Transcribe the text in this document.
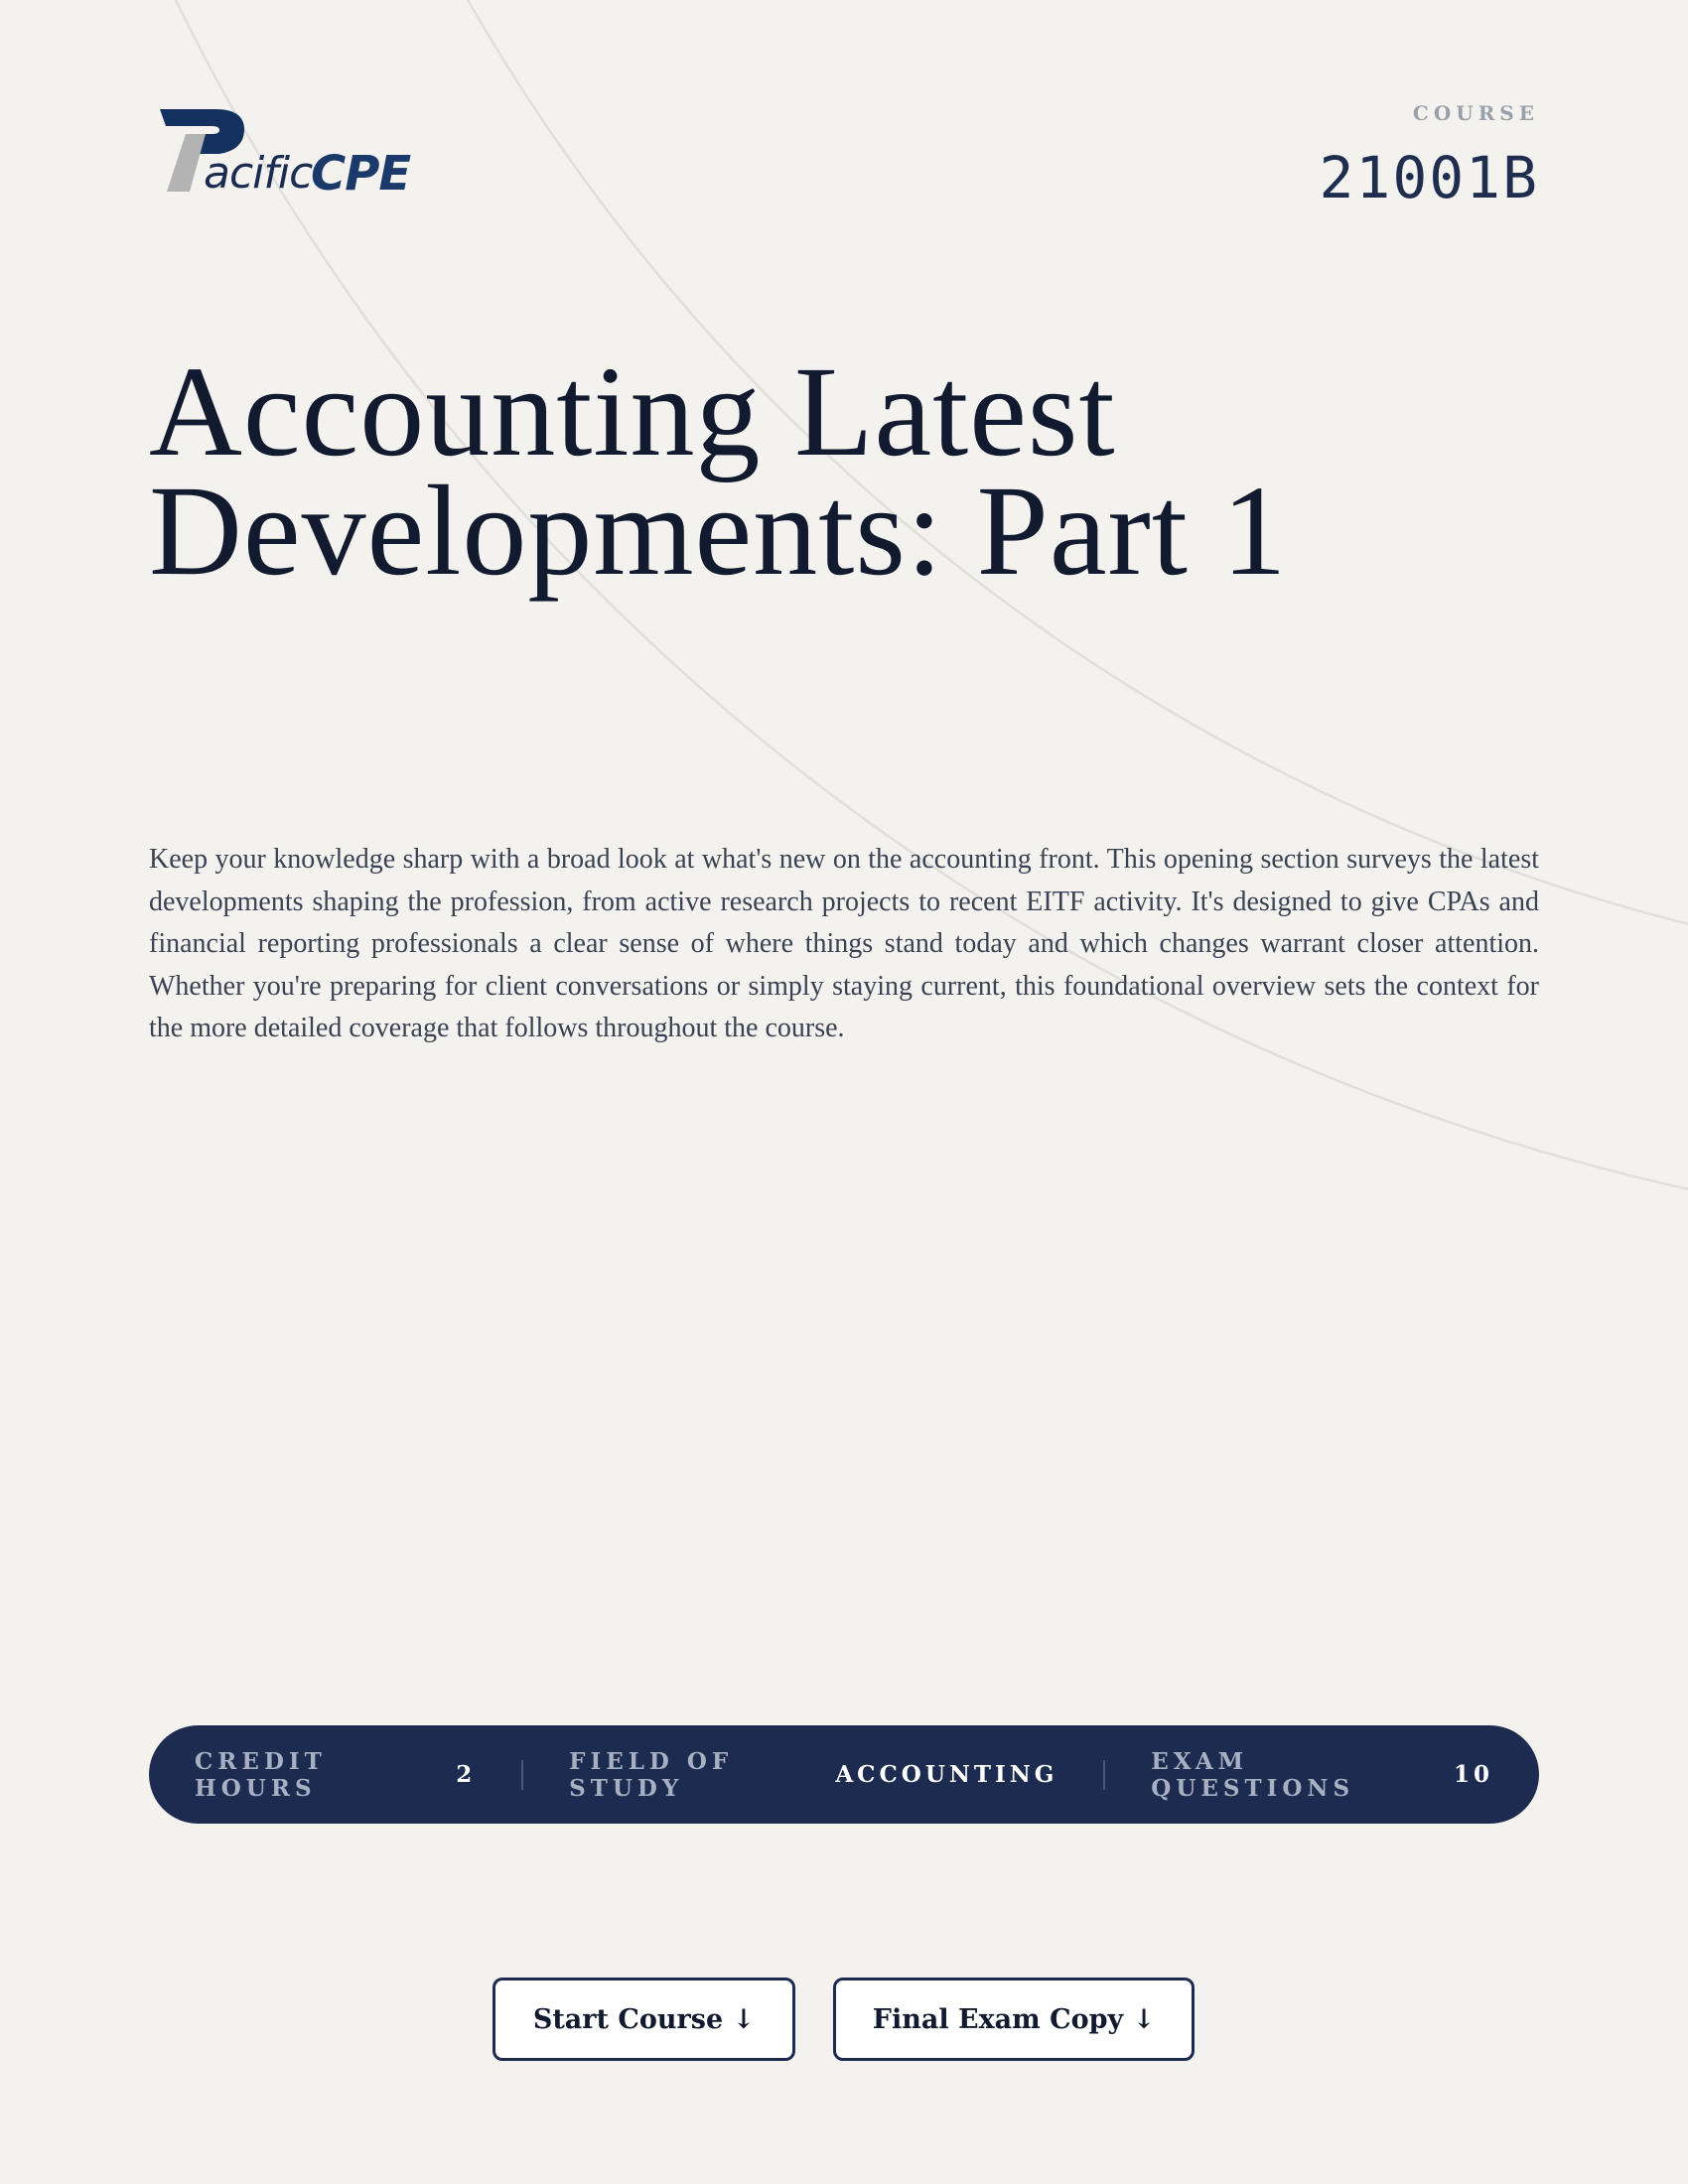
acific
CPE
COURSE
21001B
Accounting Latest Developments: Part 1

Keep your knowledge sharp with a broad look at what's new on the accounting front. This opening section surveys the latest developments shaping the profession, from active research projects to recent EITF activity. It's designed to give CPAs and financial reporting professionals a clear sense of where things stand today and which changes warrant closer attention. Whether you're preparing for client conversations or simply staying current, this foundational overview sets the context for the more detailed coverage that follows throughout the course.

CREDIT HOURS	2	FIELD OF STUDY	ACCOUNTING	EXAM QUESTIONS	10
Start Course ↓	Final Exam Copy ↓
